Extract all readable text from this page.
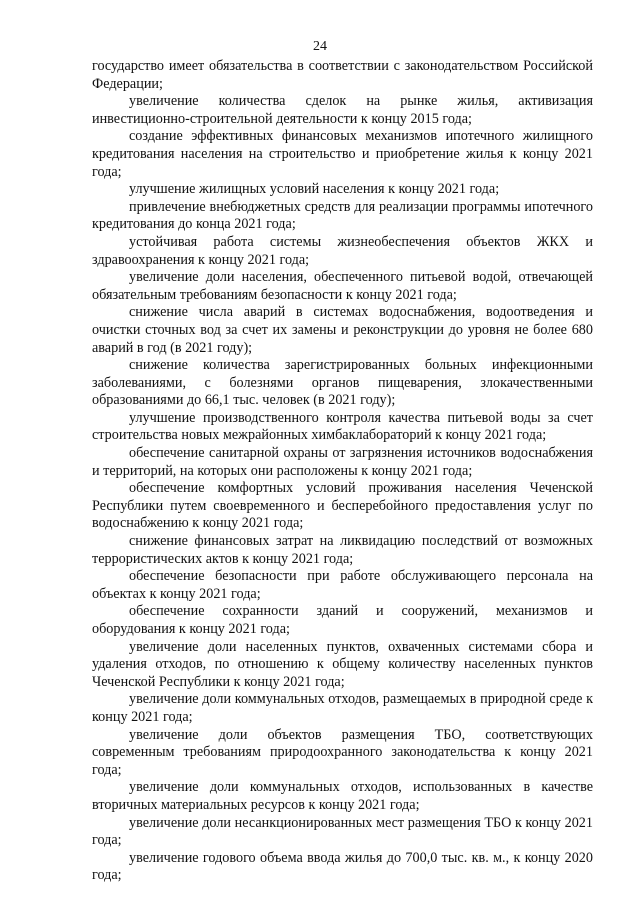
24

государство имеет обязательства в соответствии с законодательством Российской Федерации;

увеличение количества сделок на рынке жилья, активизация инвестиционно-строительной деятельности к концу 2015 года;

создание эффективных финансовых механизмов ипотечного жилищного кредитования населения на строительство и приобретение жилья к концу 2021 года;

улучшение жилищных условий населения к концу 2021 года;

привлечение внебюджетных средств для реализации программы ипотечного кредитования до конца 2021 года;

устойчивая работа системы жизнеобеспечения объектов ЖКХ и здравоохранения к концу 2021 года;

увеличение доли населения, обеспеченного питьевой водой, отвечающей обязательным требованиям безопасности к концу 2021 года;

снижение числа аварий в системах водоснабжения, водоотведения и очистки сточных вод за счет их замены и реконструкции до уровня не более 680 аварий в год (в 2021 году);

снижение количества зарегистрированных больных инфекционными заболеваниями, с болезнями органов пищеварения, злокачественными образованиями до 66,1 тыс. человек (в 2021 году);

улучшение производственного контроля качества питьевой воды за счет строительства новых межрайонных химбаклабораторий к концу 2021 года;

обеспечение санитарной охраны от загрязнения источников водоснабжения и территорий, на которых они расположены к концу 2021 года;

обеспечение комфортных условий проживания населения Чеченской Республики путем своевременного и бесперебойного предоставления услуг по водоснабжению к концу 2021 года;

снижение финансовых затрат на ликвидацию последствий от возможных террористических актов к концу 2021 года;

обеспечение безопасности при работе обслуживающего персонала на объектах к концу 2021 года;

обеспечение сохранности зданий и сооружений, механизмов и оборудования к концу 2021 года;

увеличение доли населенных пунктов, охваченных системами сбора и удаления отходов, по отношению к общему количеству населенных пунктов Чеченской Республики к концу 2021 года;

увеличение доли коммунальных отходов, размещаемых в природной среде к концу 2021 года;

увеличение доли объектов размещения ТБО, соответствующих современным требованиям природоохранного законодательства к концу 2021 года;

увеличение доли коммунальных отходов, использованных в качестве вторичных материальных ресурсов к концу 2021 года;

увеличение доли несанкционированных мест размещения ТБО к концу 2021 года;

увеличение годового объема ввода жилья до 700,0 тыс. кв. м., к концу 2020 года;
